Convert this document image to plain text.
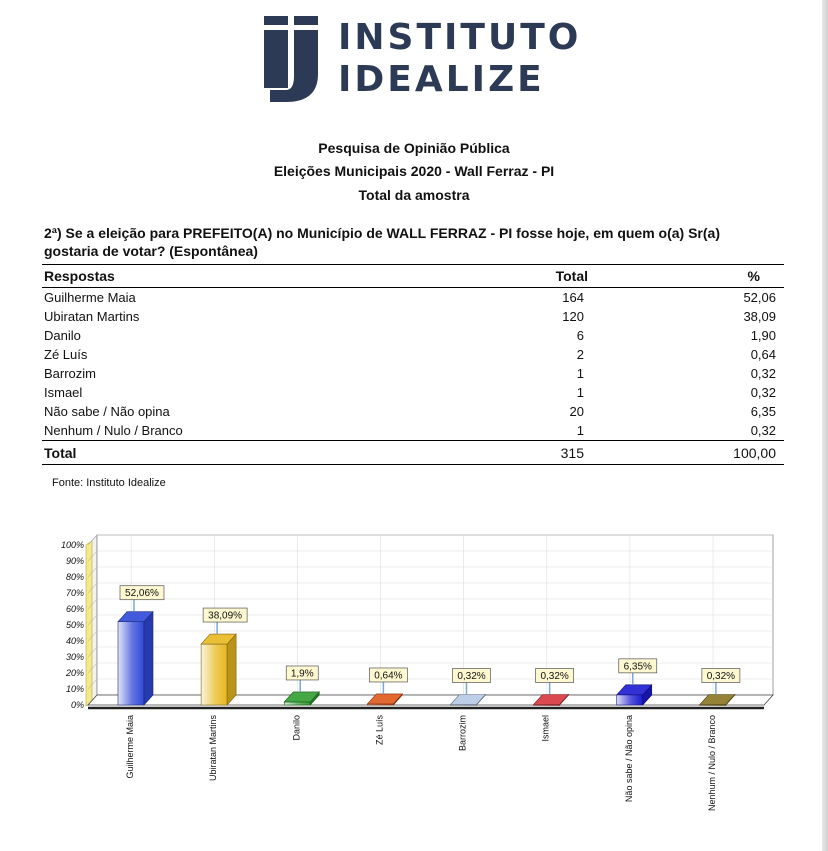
INSTITUTO
IDEALIZE
Pesquisa de Opinião Pública
Eleições Municipais 2020 - Wall Ferraz - PI
Total da amostra
2ª) Se a eleição para PREFEITO(A) no Município de WALL FERRAZ - PI fosse hoje, em quem o(a) Sr(a) gostaria de votar? (Espontânea)
Respostas	Total	%
Guilherme Maia	164	52,06
Ubiratan Martins	120	38,09
Danilo	6	1,90
Zé Luís	2	0,64
Barrozim	1	0,32
Ismael	1	0,32
Não sabe / Não opina	20	6,35
Nenhum / Nulo / Branco	1	0,32
Total	315	100,00
Fonte: Instituto Idealize
0%
10%
20%
30%
40%
50%
60%
70%
80%
90%
100%
52,06%
Guilherme Maia
38,09%
Ubiratan Martins
1,9%
Danilo
0,64%
Zé Luís
0,32%
Barrozim
0,32%
Ismael
6,35%
Não sabe / Não opina
0,32%
Nenhum / Nulo / Branco
